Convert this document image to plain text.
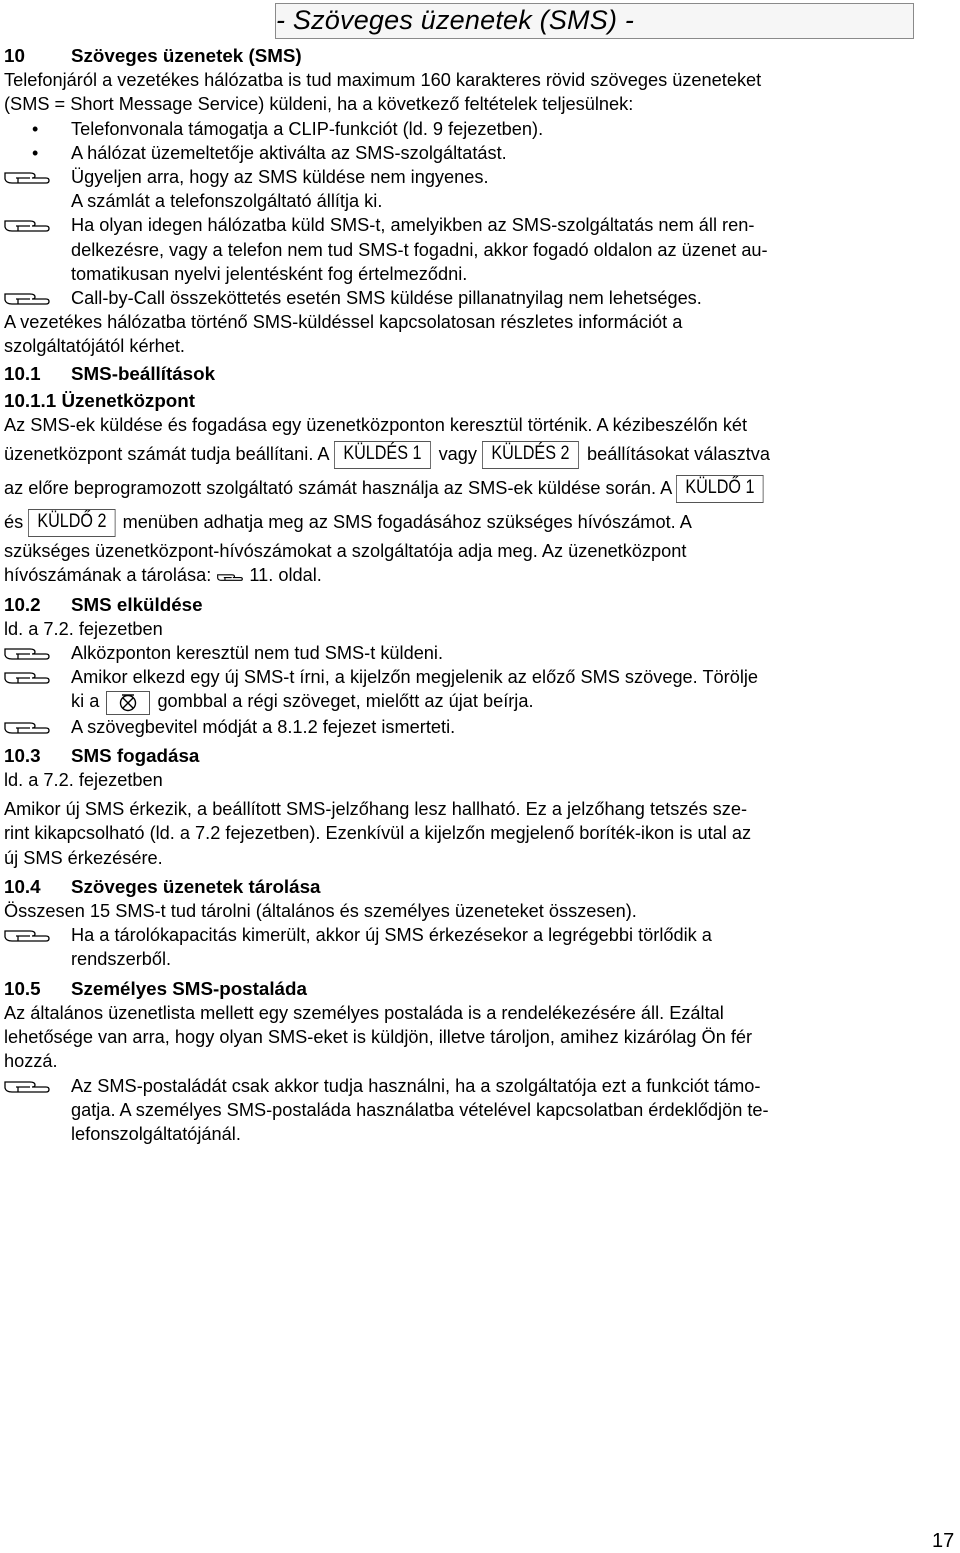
- Szöveges üzenetek (SMS) -
10 Szöveges üzenetek (SMS)
Telefonjáról a vezetékes hálózatba is tud maximum 160 karakteres rövid szöveges üzeneteket
(SMS = Short Message Service) küldeni, ha a következő feltételek teljesülnek:
• Telefonvonala támogatja a CLIP-funkciót (ld. 9 fejezetben).
• A hálózat üzemeltetője aktiválta az SMS-szolgáltatást.
Ügyeljen arra, hogy az SMS küldése nem ingyenes.
A számlát a telefonszolgáltató állítja ki.
Ha olyan idegen hálózatba küld SMS-t, amelyikben az SMS-szolgáltatás nem áll ren-
delkezésre, vagy a telefon nem tud SMS-t fogadni, akkor fogadó oldalon az üzenet au-
tomatikusan nyelvi jelentésként fog értelmeződni.
Call-by-Call összeköttetés esetén SMS küldése pillanatnyilag nem lehetséges.
A vezetékes hálózatba történő SMS-küldéssel kapcsolatosan részletes információt a
szolgáltatójától kérhet.
10.1 SMS-beállítások
10.1.1 Üzenetközpont
Az SMS-ek küldése és fogadása egy üzenetközponton keresztül történik. A kézibeszélőn két
üzenetközpont számát tudja beállítani. A KÜLDÉS 1 vagy KÜLDÉS 2 beállításokat választva
az előre beprogramozott szolgáltató számát használja az SMS-ek küldése során. A KÜLDŐ 1
és KÜLDŐ 2 menüben adhatja meg az SMS fogadásához szükséges hívószámot. A
szükséges üzenetközpont-hívószámokat a szolgáltatója adja meg. Az üzenetközpont
hívószámának a tárolása: 11. oldal.
10.2 SMS elküldése
ld. a 7.2. fejezetben
Alközponton keresztül nem tud SMS-t küldeni.
Amikor elkezd egy új SMS-t írni, a kijelzőn megjelenik az előző SMS szövege. Törölje
ki a	gombbal a régi szöveget, mielőtt az újat beírja.
A szövegbevitel módját a 8.1.2 fejezet ismerteti.
10.3 SMS fogadása
ld. a 7.2. fejezetben
Amikor új SMS érkezik, a beállított SMS-jelzőhang lesz hallható. Ez a jelzőhang tetszés sze-
rint kikapcsolható (ld. a 7.2 fejezetben). Ezenkívül a kijelzőn megjelenő boríték-ikon is utal az
új SMS érkezésére.
10.4 Szöveges üzenetek tárolása
Összesen 15 SMS-t tud tárolni (általános és személyes üzeneteket összesen).
Ha a tárolókapacitás kimerült, akkor új SMS érkezésekor a legrégebbi törlődik a
rendszerből.
10.5 Személyes SMS-postaláda
Az általános üzenetlista mellett egy személyes postaláda is a rendelékezésére áll. Ezáltal
lehetősége van arra, hogy olyan SMS-eket is küldjön, illetve tároljon, amihez kizárólag Ön fér
hozzá.
Az SMS-postaládát csak akkor tudja használni, ha a szolgáltatója ezt a funkciót támo-
gatja. A személyes SMS-postaláda használatba vételével kapcsolatban érdeklődjön te-
lefonszolgáltatójánál.
17
